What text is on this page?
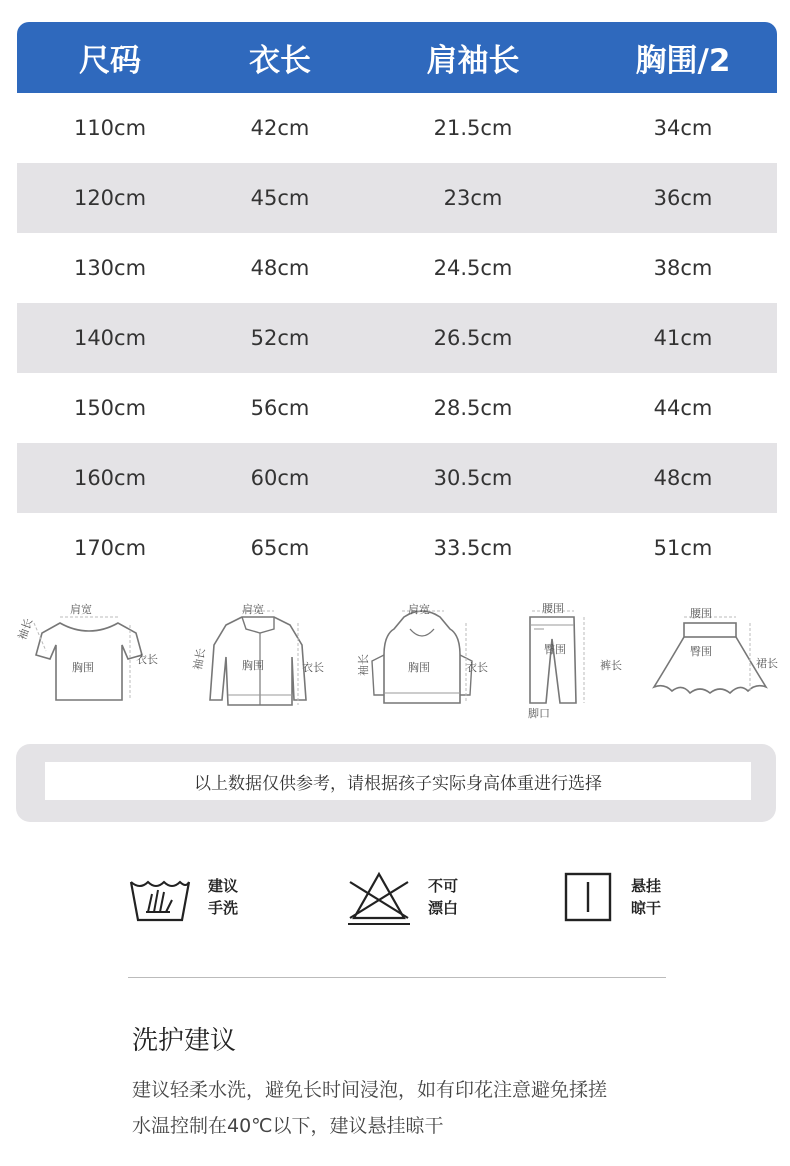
尺码	衣长	肩袖长	胸围/2
110cm	42cm	21.5cm	34cm
120cm	45cm	23cm	36cm
130cm	48cm	24.5cm	38cm
140cm	52cm	26.5cm	41cm
150cm	56cm	28.5cm	44cm
160cm	60cm	30.5cm	48cm
170cm	65cm	33.5cm	51cm
肩宽
袖长
胸围
衣长
肩宽
袖长	胸围	衣长
肩宽
袖长	胸围	衣长
腰围
臀围
裤长
脚口
腰围
臀围
裙长
以上数据仅供参考，请根据孩子实际身高体重进行选择
建议
手洗
不可
漂白
悬挂
晾干
洗护建议
建议轻柔水洗，避免长时间浸泡，如有印花注意避免揉搓
水温控制在40℃以下，建议悬挂晾干
